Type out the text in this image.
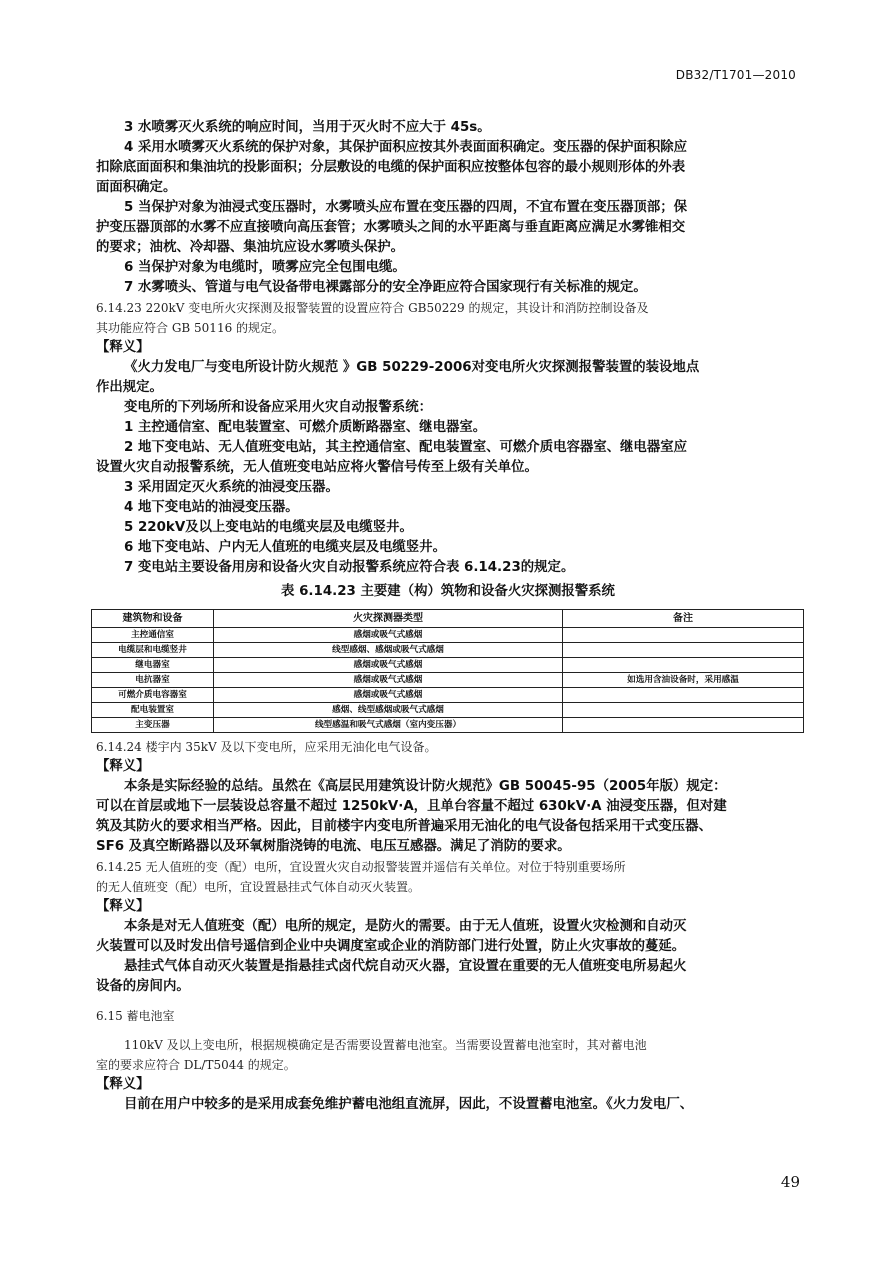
DB32/T1701—2010
3 水喷雾灭火系统的响应时间，当用于灭火时不应大于 45s。
4 采用水喷雾灭火系统的保护对象，其保护面积应按其外表面面积确定。变压器的保护面积除应
扣除底面面积和集油坑的投影面积；分层敷设的电缆的保护面积应按整体包容的最小规则形体的外表
面面积确定。
5 当保护对象为油浸式变压器时，水雾喷头应布置在变压器的四周，不宜布置在变压器顶部；保
护变压器顶部的水雾不应直接喷向高压套管；水雾喷头之间的水平距离与垂直距离应满足水雾锥相交
的要求；油枕、冷却器、集油坑应设水雾喷头保护。
6 当保护对象为电缆时，喷雾应完全包围电缆。
7 水雾喷头、管道与电气设备带电裸露部分的安全净距应符合国家现行有关标准的规定。
6.14.23 220kV 变电所火灾探测及报警装置的设置应符合 GB50229 的规定，其设计和消防控制设备及
其功能应符合 GB 50116 的规定。
【释义】
《火力发电厂与变电所设计防火规范 》GB 50229-2006对变电所火灾探测报警装置的装设地点
作出规定。
变电所的下列场所和设备应采用火灾自动报警系统：
1 主控通信室、配电装置室、可燃介质断路器室、继电器室。
2 地下变电站、无人值班变电站，其主控通信室、配电装置室、可燃介质电容器室、继电器室应
设置火灾自动报警系统，无人值班变电站应将火警信号传至上级有关单位。
3 采用固定灭火系统的油浸变压器。
4 地下变电站的油浸变压器。
5 220kV及以上变电站的电缆夹层及电缆竖井。
6 地下变电站、户内无人值班的电缆夹层及电缆竖井。
7 变电站主要设备用房和设备火灾自动报警系统应符合表 6.14.23的规定。
表 6.14.23 主要建（构）筑物和设备火灾探测报警系统
建筑物和设备	火灾探测器类型	备注
主控通信室	感烟或吸气式感烟	
电缆层和电缆竖井	线型感烟、感烟或吸气式感烟	
继电器室	感烟或吸气式感烟	
电抗器室	感烟或吸气式感烟	如选用含油设备时，采用感温
可燃介质电容器室	感烟或吸气式感烟	
配电装置室	感烟、线型感烟或吸气式感烟	
主变压器	线型感温和吸气式感烟（室内变压器）	
6.14.24 楼宇内 35kV 及以下变电所，应采用无油化电气设备。
【释义】
本条是实际经验的总结。虽然在《高层民用建筑设计防火规范》GB 50045-95（2005年版）规定：
可以在首层或地下一层装设总容量不超过 1250kV·A，且单台容量不超过 630kV·A 油浸变压器，但对建
筑及其防火的要求相当严格。因此，目前楼宇内变电所普遍采用无油化的电气设备包括采用干式变压器、
SF6 及真空断路器以及环氧树脂浇铸的电流、电压互感器。满足了消防的要求。
6.14.25 无人值班的变（配）电所，宜设置火灾自动报警装置并遥信有关单位。对位于特别重要场所
的无人值班变（配）电所，宜设置悬挂式气体自动灭火装置。
【释义】
本条是对无人值班变（配）电所的规定，是防火的需要。由于无人值班，设置火灾检测和自动灭
火装置可以及时发出信号遥信到企业中央调度室或企业的消防部门进行处置，防止火灾事故的蔓延。
悬挂式气体自动灭火装置是指悬挂式卤代烷自动灭火器，宜设置在重要的无人值班变电所易起火
设备的房间内。
6.15 蓄电池室
110kV 及以上变电所，根据规模确定是否需要设置蓄电池室。当需要设置蓄电池室时，其对蓄电池
室的要求应符合 DL/T5044 的规定。
【释义】
目前在用户中较多的是采用成套免维护蓄电池组直流屏，因此，不设置蓄电池室。《火力发电厂、
49
